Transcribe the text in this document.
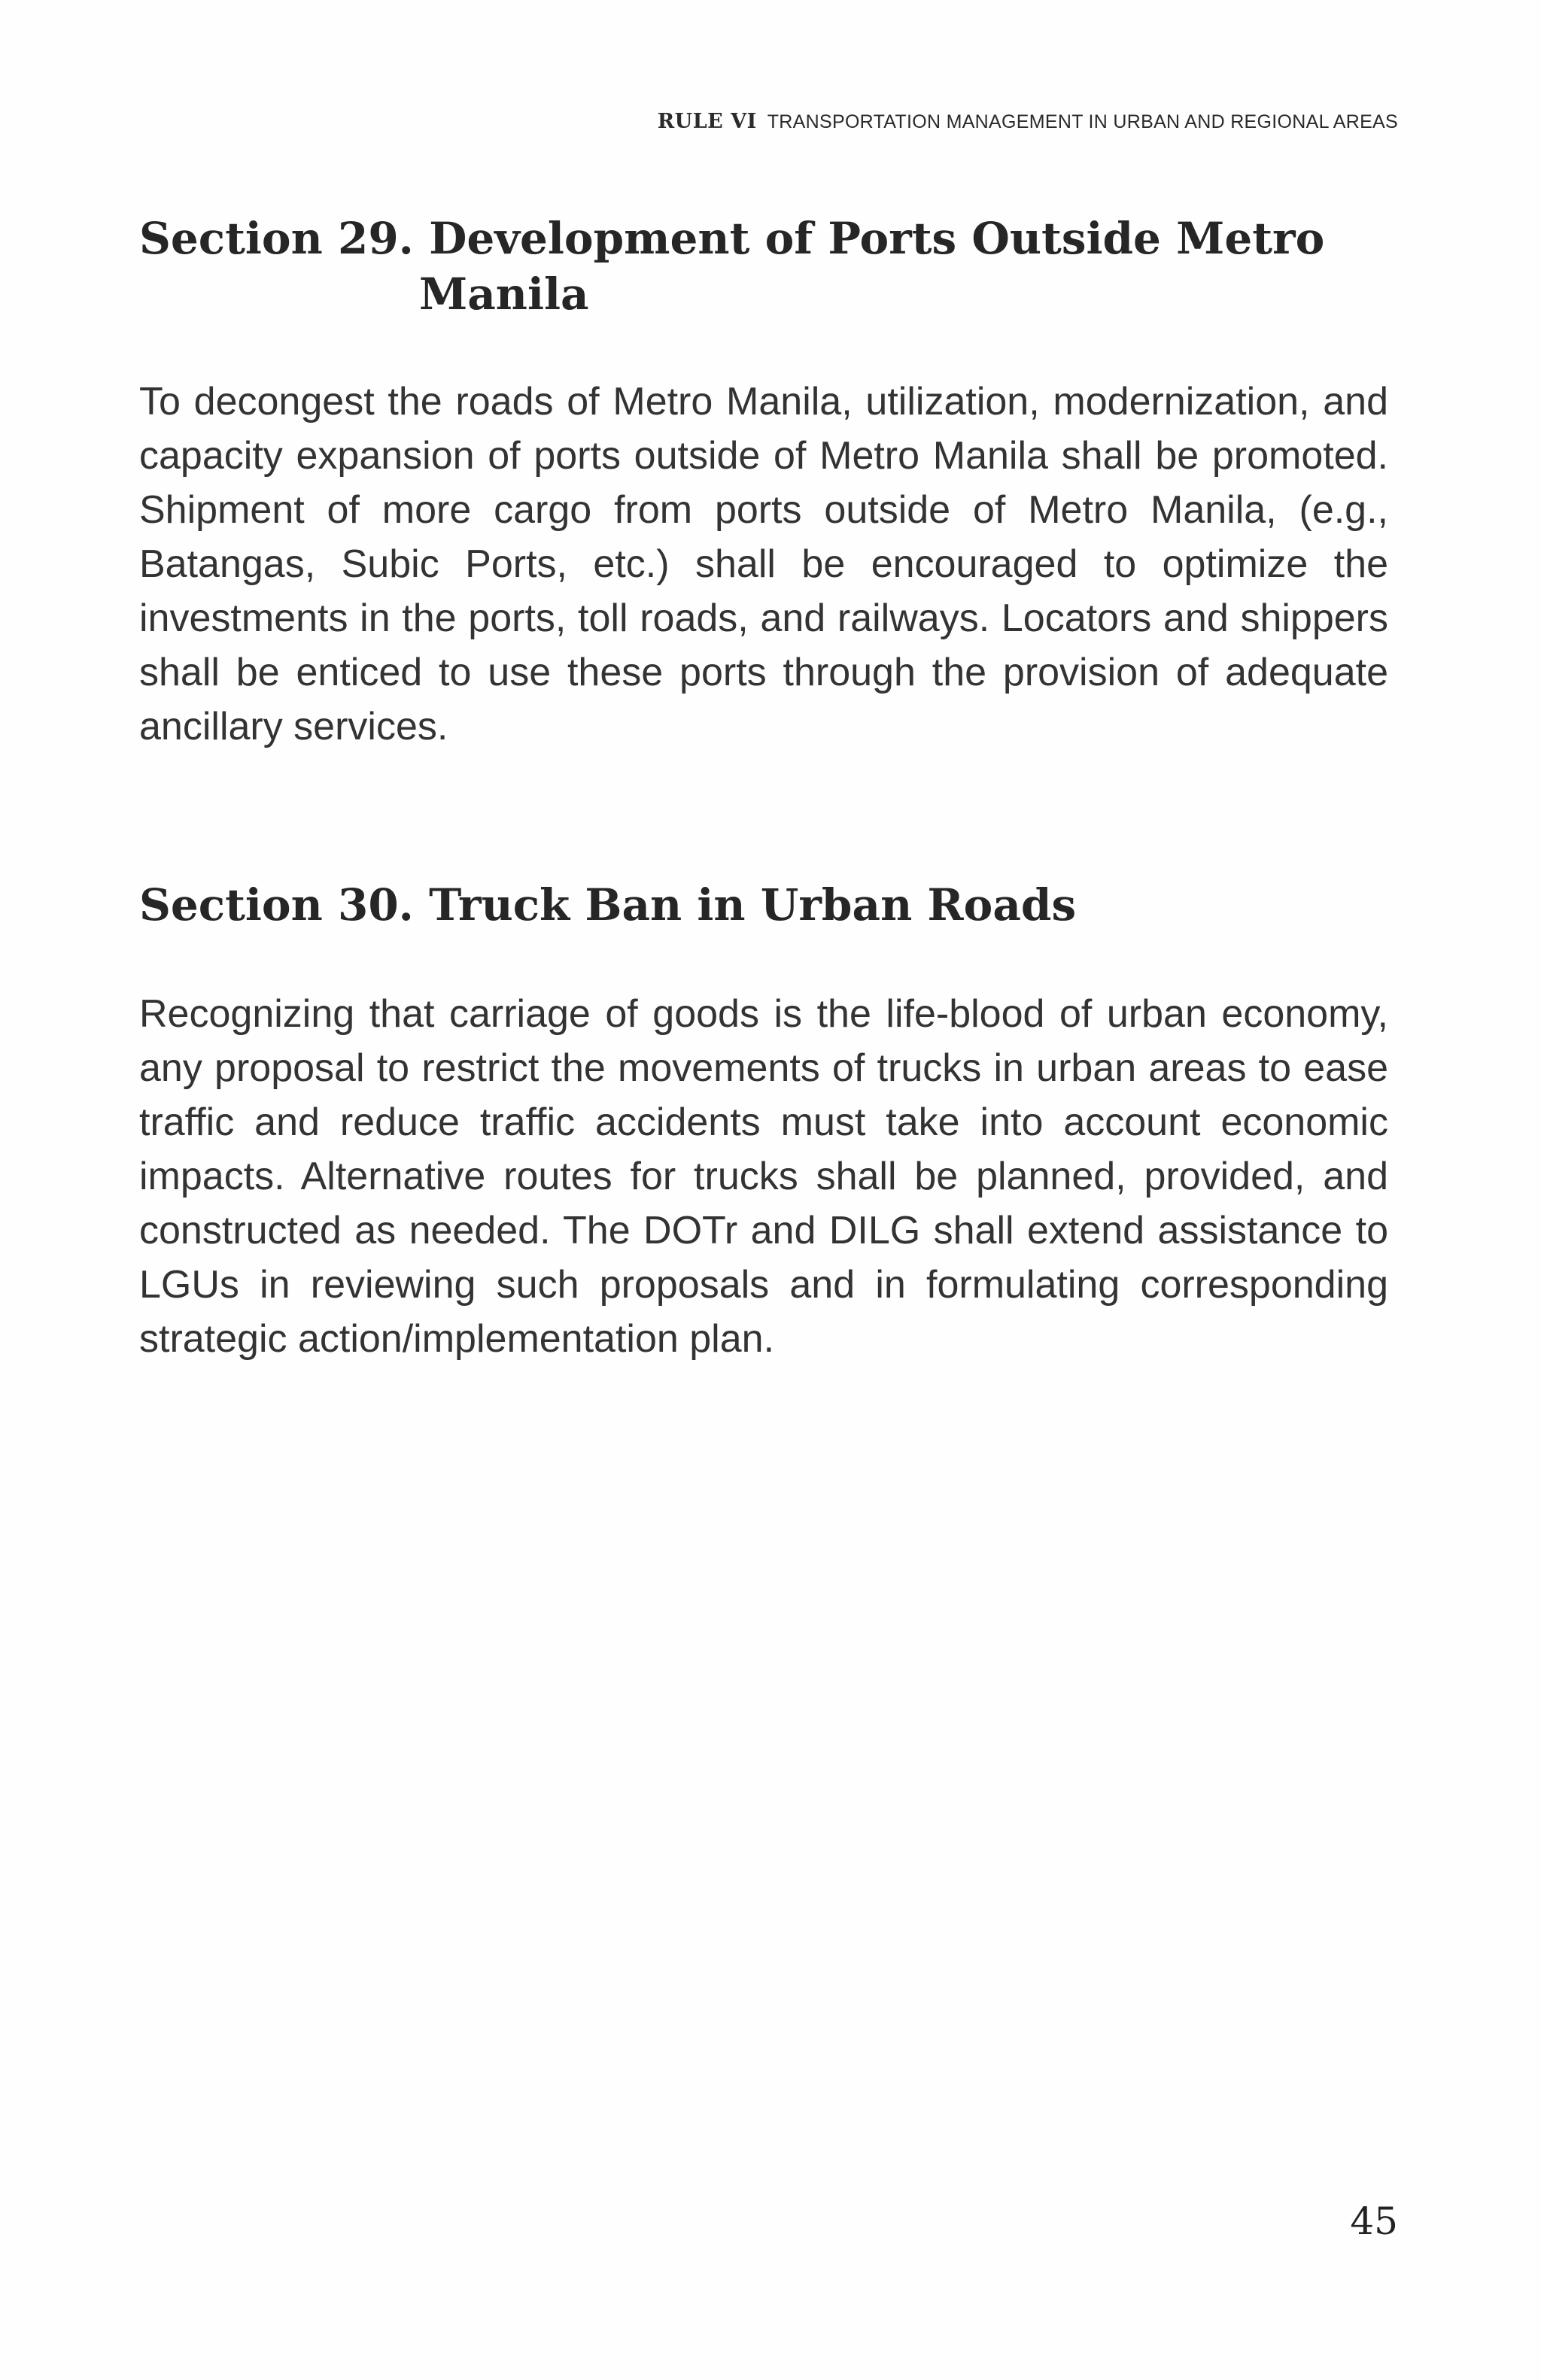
RULE VI TRANSPORTATION MANAGEMENT IN URBAN AND REGIONAL AREAS
Section 29. Development of Ports Outside Metro Manila

To decongest the roads of Metro Manila, utilization, modernization, and capacity expansion of ports outside of Metro Manila shall be promoted. Shipment of more cargo from ports outside of Metro Manila, (e.g., Batangas, Subic Ports, etc.) shall be encouraged to optimize the investments in the ports, toll roads, and railways. Locators and shippers shall be enticed to use these ports through the provision of adequate ancillary services.

Section 30. Truck Ban in Urban Roads

Recognizing that carriage of goods is the life-blood of urban economy, any proposal to restrict the movements of trucks in urban areas to ease traffic and reduce traffic accidents must take into account economic impacts. Alternative routes for trucks shall be planned, provided, and constructed as needed. The DOTr and DILG shall extend assistance to LGUs in reviewing such proposals and in formulating corresponding strategic action/implementation plan.

45
